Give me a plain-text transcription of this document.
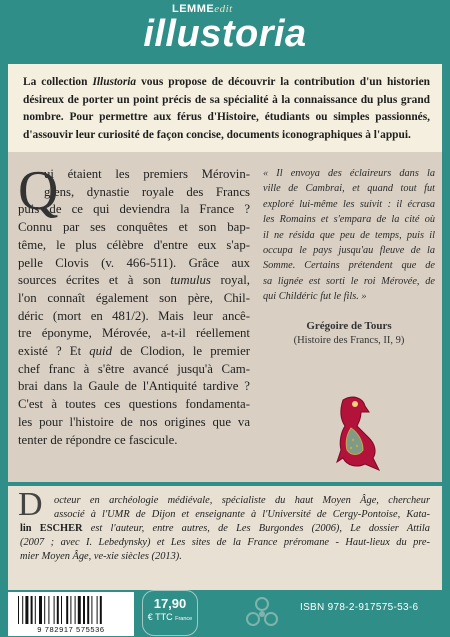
LEMMEedit
illustoria
La collection Illustoria vous propose de découvrir la contribution d'un historien
désireux de porter un point précis de sa spécialité à la connaissance du plus grand
nombre. Pour permettre aux férus d'Histoire, étudiants ou simples passionnés,
d'assouvir leur curiosité de façon concise, documents iconographiques à l'appui.
Q
ui étaient les premiers Mérovin-
giens, dynastie royale des Francs
puis de ce qui deviendra la France ?
Connu par ses conquêtes et son bap-
tême, le plus célèbre d'entre eux s'ap-
pelle Clovis (v. 466-511). Grâce aux
sources écrites et à son tumulus royal,
l'on connaît également son père, Chil-
déric (mort en 481/2). Mais leur ancê-
tre éponyme, Mérovée, a-t-il réellement
existé ? Et quid de Clodion, le premier
chef franc à s'être avancé jusqu'à Cam-
brai dans la Gaule de l'Antiquité tardive ?
C'est à toutes ces questions fondamenta-
les pour l'histoire de nos origines que va
tenter de répondre ce fascicule.
« Il envoya des éclaireurs dans la
ville de Cambrai, et quand tout fut
exploré lui-même les suivit : il écrasa
les Romains et s'empara de la cité où
il ne résida que peu de temps, puis il
occupa le pays jusqu'au fleuve de la
Somme. Certains prétendent que de
sa lignée est sorti le roi Mérovée, de
qui Childéric fut le fils. »
Grégoire de Tours
(Histoire des Francs, II, 9)
D	octeur en archéologie médiévale, spécialiste du haut Moyen Âge, chercheur
associé à l'UMR de Dijon et enseignante à l'Université de Cergy-Pontoise, Kata-
lin ESCHER est l'auteur, entre autres, de Les Burgondes (2006), Le dossier Attila
(2007 ; avec I. Lebedynsky) et Les sites de la France préromane - Haut-lieux du pre-
mier Moyen Âge, ve-xie siècles (2013).
9 782917 575536
17,90
€ TTC France
ISBN 978-2-917575-53-6
